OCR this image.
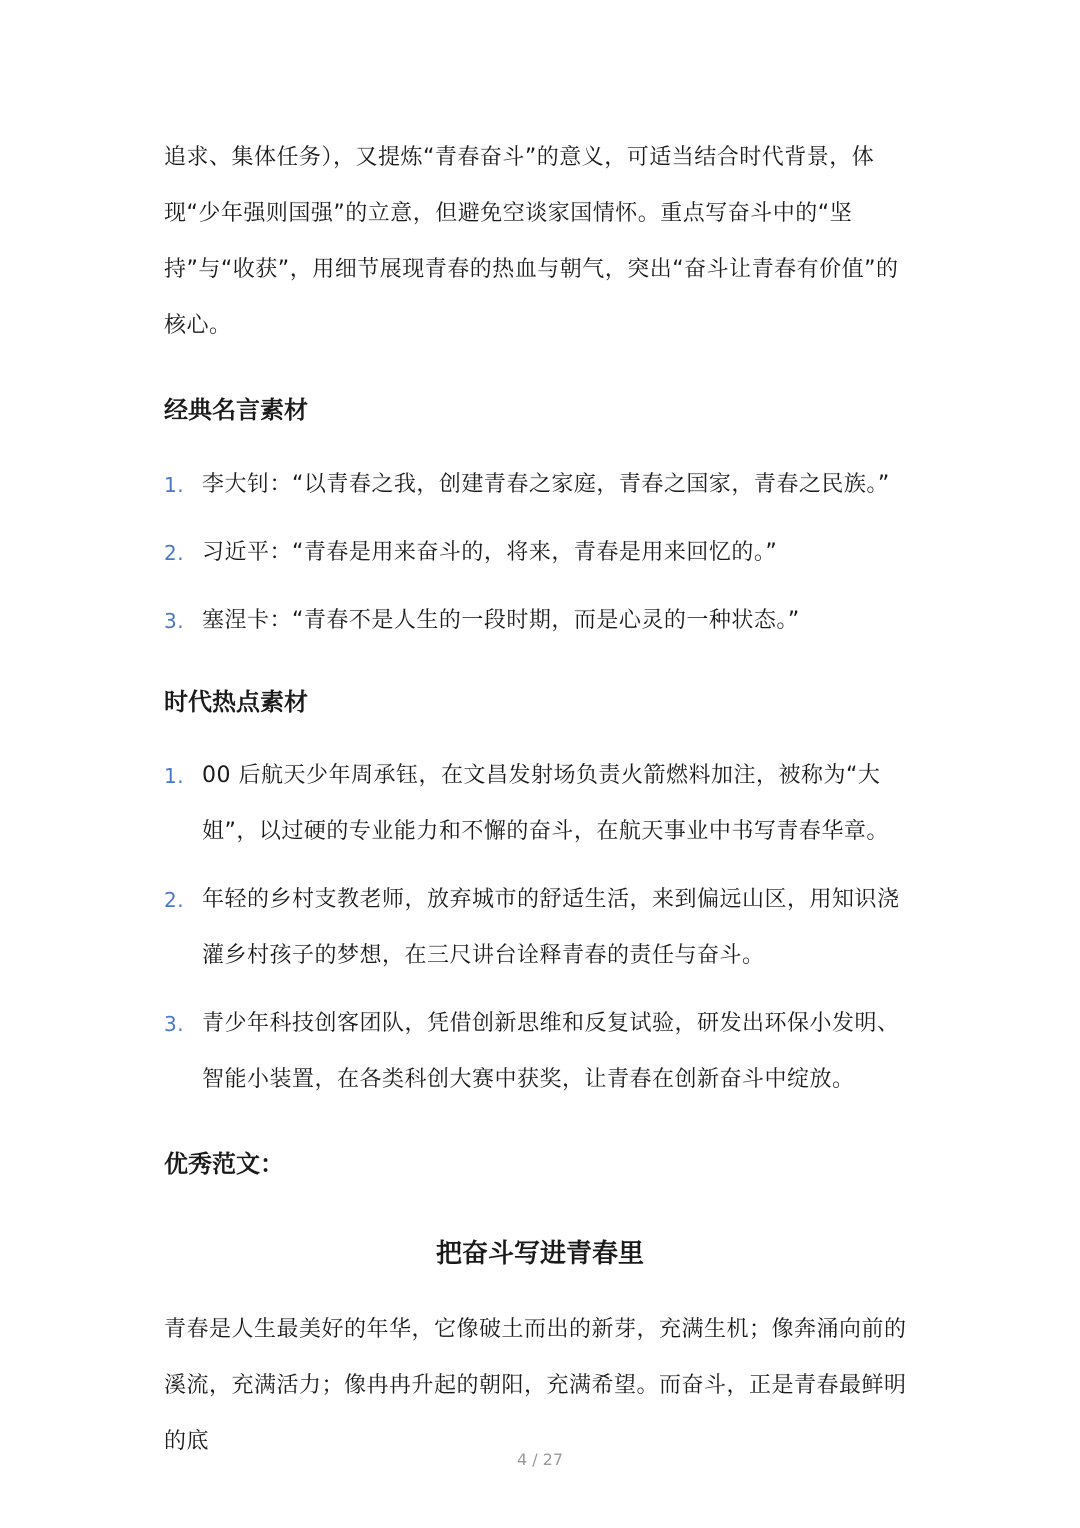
追求、集体任务），又提炼“青春奋斗”的意义，可适当结合时代背景，体现“少年强则国强”的立意，但避免空谈家国情怀。重点写奋斗中的“坚持”与“收获”，用细节展现青春的热血与朝气，突出“奋斗让青春有价值”的核心。

经典名言素材
1. 李大钊：“以青春之我，创建青春之家庭，青春之国家，青春之民族。”
2. 习近平：“青春是用来奋斗的，将来，青春是用来回忆的。”
3. 塞涅卡：“青春不是人生的一段时期，而是心灵的一种状态。”
时代热点素材
1. 00 后航天少年周承钰，在文昌发射场负责火箭燃料加注，被称为“大姐”，以过硬的专业能力和不懈的奋斗，在航天事业中书写青春华章。
2. 年轻的乡村支教老师，放弃城市的舒适生活，来到偏远山区，用知识浇灌乡村孩子的梦想，在三尺讲台诠释青春的责任与奋斗。
3. 青少年科技创客团队，凭借创新思维和反复试验，研发出环保小发明、智能小装置，在各类科创大赛中获奖，让青春在创新奋斗中绽放。
优秀范文：
把奋斗写进青春里

青春是人生最美好的年华，它像破土而出的新芽，充满生机；像奔涌向前的溪流，充满活力；像冉冉升起的朝阳，充满希望。而奋斗，正是青春最鲜明的底

4 / 27
